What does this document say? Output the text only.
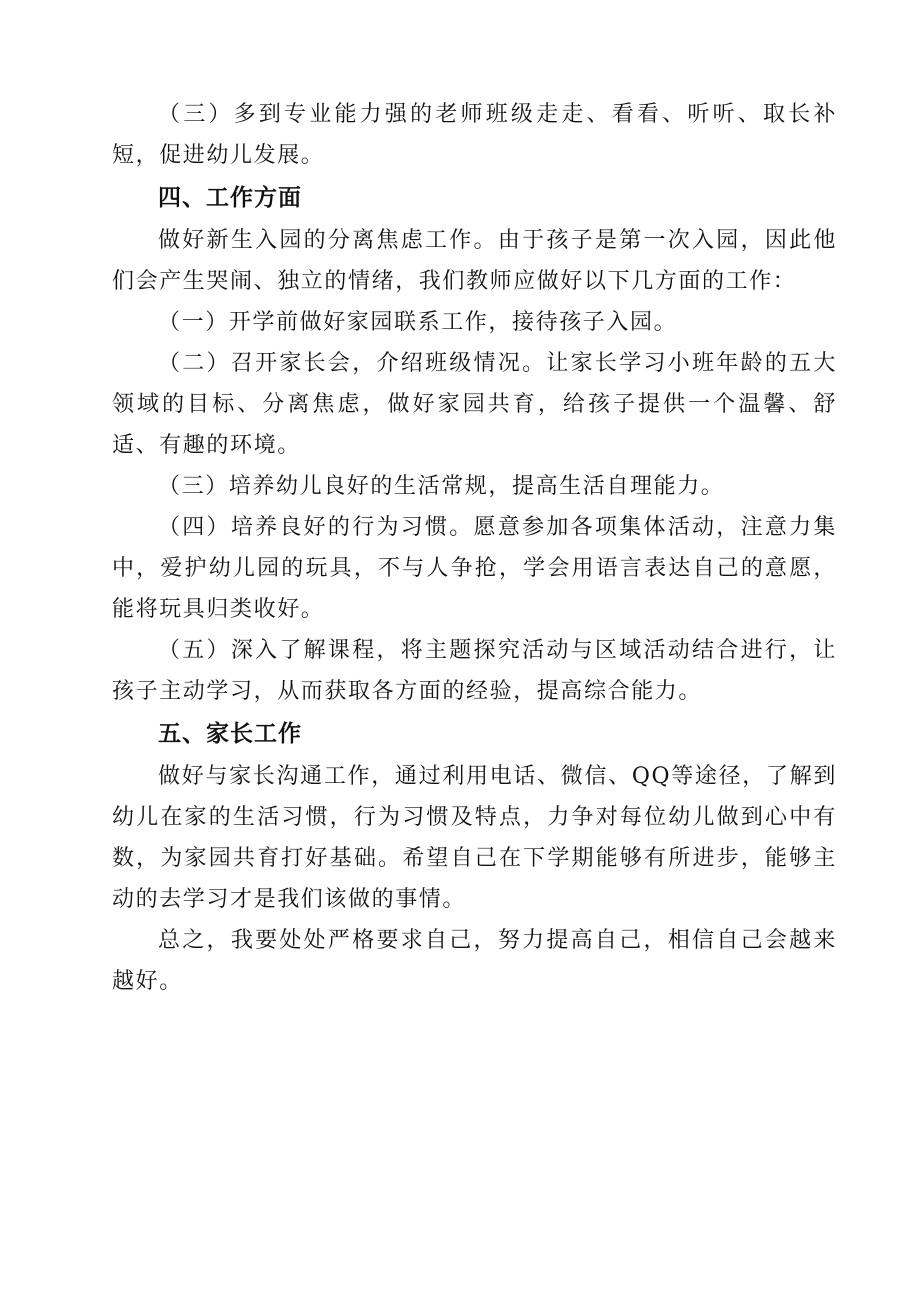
（三）多到专业能力强的老师班级走走、看看、听听、取长补短，促进幼儿发展。

四、工作方面

做好新生入园的分离焦虑工作。由于孩子是第一次入园，因此他们会产生哭闹、独立的情绪，我们教师应做好以下几方面的工作：

（一）开学前做好家园联系工作，接待孩子入园。

（二）召开家长会，介绍班级情况。让家长学习小班年龄的五大领域的目标、分离焦虑，做好家园共育，给孩子提供一个温馨、舒适、有趣的环境。

（三）培养幼儿良好的生活常规，提高生活自理能力。

（四）培养良好的行为习惯。愿意参加各项集体活动，注意力集中，爱护幼儿园的玩具，不与人争抢，学会用语言表达自己的意愿，能将玩具归类收好。

（五）深入了解课程，将主题探究活动与区域活动结合进行，让孩子主动学习，从而获取各方面的经验，提高综合能力。

五、家长工作

做好与家长沟通工作，通过利用电话、微信、QQ等途径，了解到幼儿在家的生活习惯，行为习惯及特点，力争对每位幼儿做到心中有数，为家园共育打好基础。希望自己在下学期能够有所进步，能够主动的去学习才是我们该做的事情。

总之，我要处处严格要求自己，努力提高自己，相信自己会越来越好。
